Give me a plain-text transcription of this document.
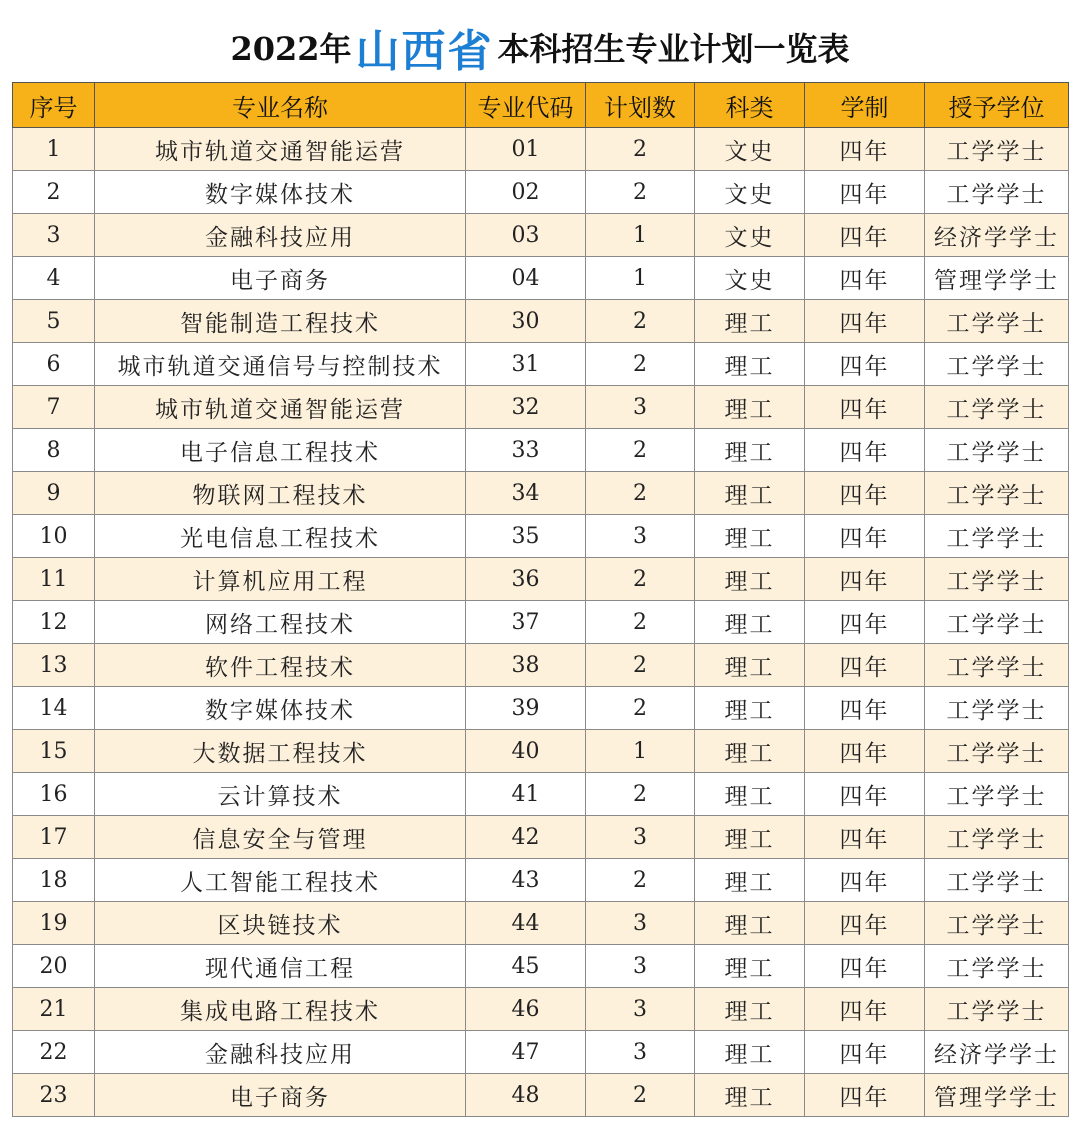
2022年 山西省 本科招生专业计划一览表
序号	专业名称	专业代码	计划数	科类	学制	授予学位
1	城市轨道交通智能运营	01	2	文史	四年	工学学士
2	数字媒体技术	02	2	文史	四年	工学学士
3	金融科技应用	03	1	文史	四年	经济学学士
4	电子商务	04	1	文史	四年	管理学学士
5	智能制造工程技术	30	2	理工	四年	工学学士
6	城市轨道交通信号与控制技术	31	2	理工	四年	工学学士
7	城市轨道交通智能运营	32	3	理工	四年	工学学士
8	电子信息工程技术	33	2	理工	四年	工学学士
9	物联网工程技术	34	2	理工	四年	工学学士
10	光电信息工程技术	35	3	理工	四年	工学学士
11	计算机应用工程	36	2	理工	四年	工学学士
12	网络工程技术	37	2	理工	四年	工学学士
13	软件工程技术	38	2	理工	四年	工学学士
14	数字媒体技术	39	2	理工	四年	工学学士
15	大数据工程技术	40	1	理工	四年	工学学士
16	云计算技术	41	2	理工	四年	工学学士
17	信息安全与管理	42	3	理工	四年	工学学士
18	人工智能工程技术	43	2	理工	四年	工学学士
19	区块链技术	44	3	理工	四年	工学学士
20	现代通信工程	45	3	理工	四年	工学学士
21	集成电路工程技术	46	3	理工	四年	工学学士
22	金融科技应用	47	3	理工	四年	经济学学士
23	电子商务	48	2	理工	四年	管理学学士
